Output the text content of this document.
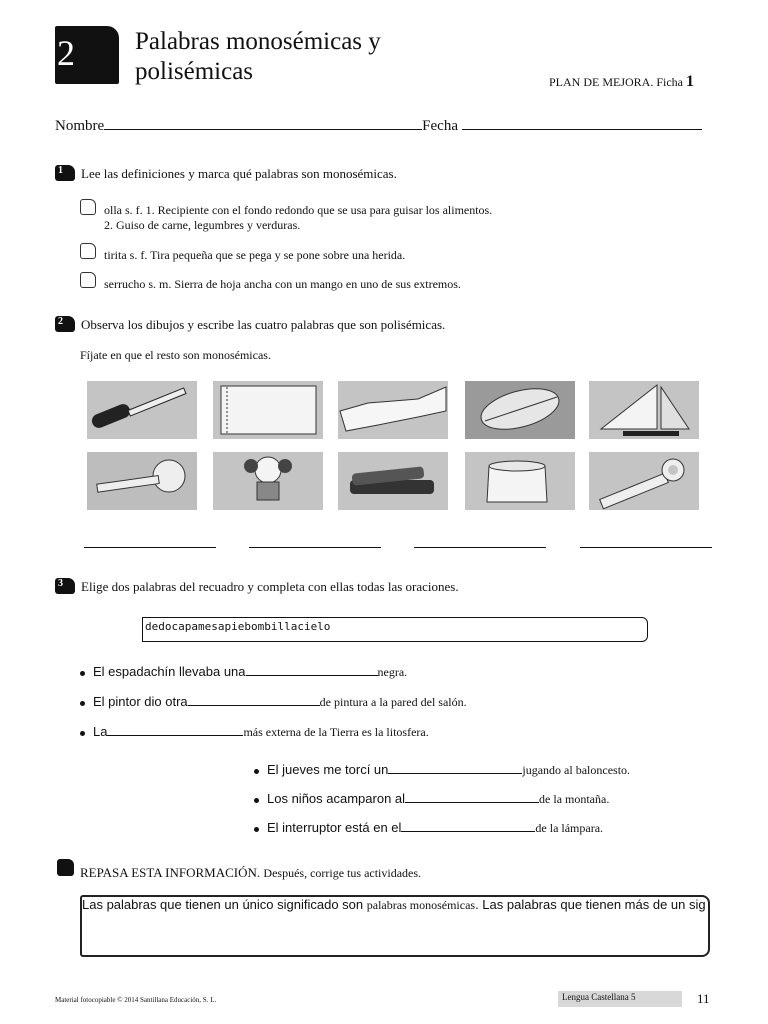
2	Palabras monosémicas y
polisémicas	PLAN DE MEJORA. Ficha 1
Nombre	Fecha
1 Lee las definiciones y marca qué palabras son monosémicas.
olla s. f. 1. Recipiente con el fondo redondo que se usa para guisar los alimentos.
2. Guiso de carne, legumbres y verduras.
tirita s. f. Tira pequeña que se pega y se pone sobre una herida.
serrucho s. m. Sierra de hoja ancha con un mango en uno de sus extremos.
2 Observa los dibujos y escribe las cuatro palabras que son polisémicas.
Fíjate en que el resto son monosémicas.
3 Elige dos palabras del recuadro y completa con ellas todas las oraciones.
dedocapamesapiebombillacielo
El espadachín llevaba una	negra.
El pintor dio otra	de pintura a la pared del salón.
La	más externa de la Tierra es la litosfera.
El jueves me torcí un	jugando al baloncesto.
Los niños acamparon al	de la montaña.
El interruptor está en el	de la lámpara.
REPASA ESTA INFORMACIÓN. Después, corrige tus actividades.
Las palabras que tienen un único significado son palabras monosémicas. Las palabras que tienen más de un sig
Material fotocopiable © 2014 Santillana Educación, S. L.	Lengua Castellana 5	11
